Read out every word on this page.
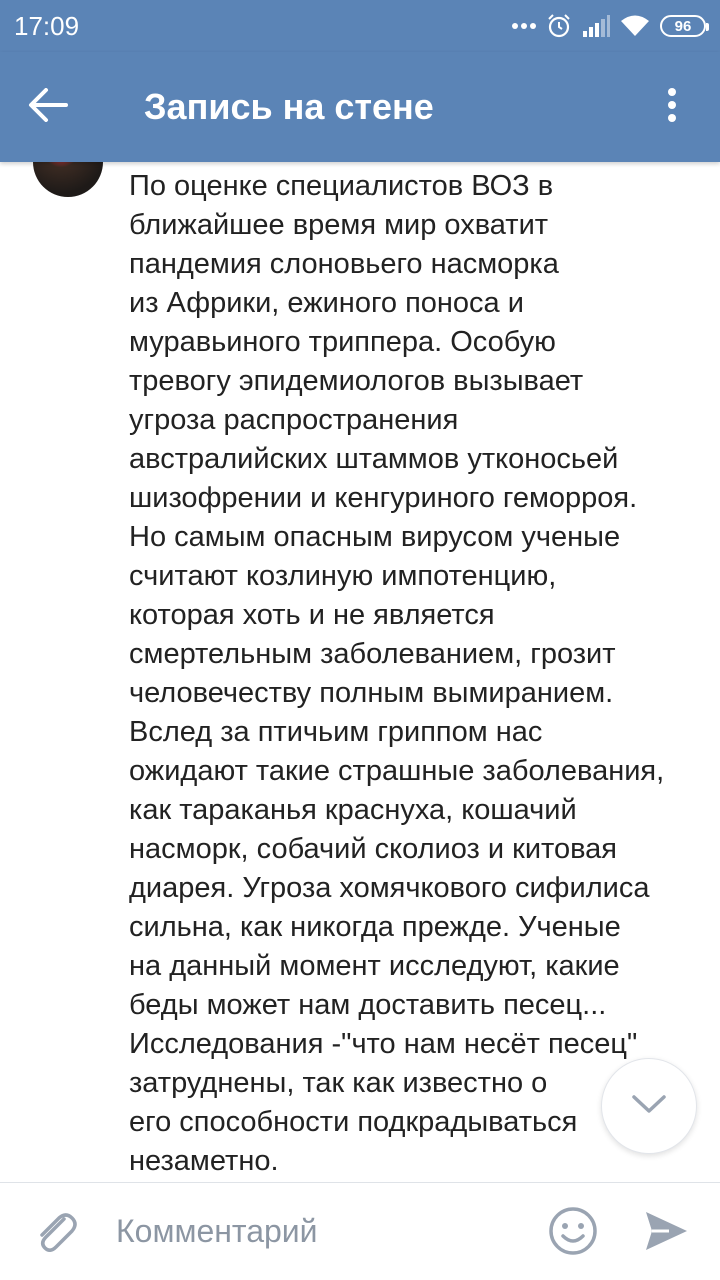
17:09	96
Запись на стене
По оценке специалистов ВОЗ в
ближайшее время мир охватит
пандемия слоновьего насморка
из Африки, ежиного поноса и
муравьиного триппера. Особую
тревогу эпидемиологов вызывает
угроза распространения
австралийских штаммов утконосьей
шизофрении и кенгуриного геморроя.
Но самым опасным вирусом ученые
считают козлиную импотенцию,
которая хоть и не является
смертельным заболеванием, грозит
человечеству полным вымиранием.
Вслед за птичьим гриппом нас
ожидают такие страшные заболевания,
как тараканья краснуха, кошачий
насморк, собачий сколиоз и китовая
диарея. Угроза хомячкового сифилиса
сильна, как никогда прежде. Ученые
на данный момент исследуют, какие
беды может нам доставить песец...
Исследования -"что нам несёт песец"
затруднены, так как известно о
его способности подкрадываться
незаметно.
Комментарий
